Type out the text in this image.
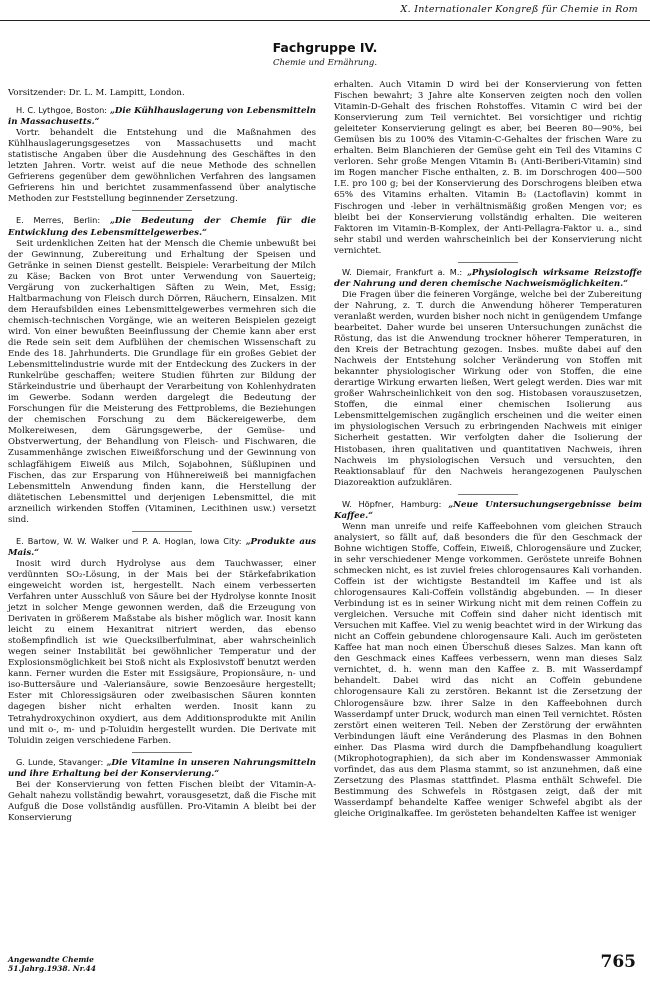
X. Internationaler Kongreß für Chemie in Rom
Fachgruppe IV.
Chemie und Ernährung.

Vorsitzender: Dr. L. M. Lampitt, London.

H. C. Lythgoe, Boston: „Die Kühlhauslagerung von Lebensmitteln in Massachusetts.“

Vortr. behandelt die Entstehung und die Maßnahmen des Kühlhauslagerungsgesetzes von Massachusetts und macht statistische Angaben über die Ausdehnung des Geschäftes in den letzten Jahren. Vortr. weist auf die neue Methode des schnellen Gefrierens gegenüber dem gewöhnlichen Verfahren des langsamen Gefrierens hin und berichtet zusammenfassend über analytische Methoden zur Feststellung beginnender Zersetzung.

E. Merres, Berlin: „Die Bedeutung der Chemie für die Entwicklung des Lebensmittelgewerbes.“

Seit urdenklichen Zeiten hat der Mensch die Chemie unbewußt bei der Gewinnung, Zubereitung und Erhaltung der Speisen und Getränke in seinen Dienst gestellt. Beispiele: Verarbeitung der Milch zu Käse; Backen von Brot unter Verwendung von Sauerteig; Vergärung von zuckerhaltigen Säften zu Wein, Met, Essig; Haltbarmachung von Fleisch durch Dörren, Räuchern, Einsalzen. Mit dem Heraufsbilden eines Lebensmittelgewerbes vermehren sich die chemisch-technischen Vorgänge, wie an weiteren Beispielen gezeigt wird. Von einer bewußten Beeinflussung der Chemie kann aber erst die Rede sein seit dem Aufblühen der chemischen Wissenschaft zu Ende des 18. Jahrhunderts. Die Grundlage für ein großes Gebiet der Lebensmittelindustrie wurde mit der Entdeckung des Zuckers in der Runkelrübe geschaffen; weitere Studien führten zur Bildung der Stärkeindustrie und überhaupt der Verarbeitung von Kohlenhydraten im Gewerbe. Sodann werden dargelegt die Bedeutung der Forschungen für die Meisterung des Fettproblems, die Beziehungen der chemischen Forschung zu dem Bäckereigewerbe, dem Molkereiwesen, dem Gärungsgewerbe, der Gemüse- und Obstverwertung, der Behandlung von Fleisch- und Fischwaren, die Zusammenhänge zwischen Eiweißforschung und der Gewinnung von schlagfähigem Eiweiß aus Milch, Sojabohnen, Süßlupinen und Fischen, das zur Ersparung von Hühnereiweiß bei mannigfachen Lebensmitteln Anwendung finden kann, die Herstellung der diätetischen Lebensmittel und derjenigen Lebensmittel, die mit arzneilich wirkenden Stoffen (Vitaminen, Lecithinen usw.) versetzt sind.

E. Bartow, W. W. Walker und P. A. Hoglan, Iowa City: „Produkte aus Mais.“

Inosit wird durch Hydrolyse aus dem Tauchwasser, einer verdünnten SO₂-Lösung, in der Mais bei der Stärkefabrikation eingeweicht worden ist, hergestellt. Nach einem verbesserten Verfahren unter Ausschluß von Säure bei der Hydrolyse konnte Inosit jetzt in solcher Menge gewonnen werden, daß die Erzeugung von Derivaten in größerem Maßstabe als bisher möglich war. Inosit kann leicht zu einem Hexanitrat nitriert werden, das ebenso stoßempfindlich ist wie Quecksilberfulminat, aber wahrscheinlich wegen seiner Instabilität bei gewöhnlicher Temperatur und der Explosionsmöglichkeit bei Stoß nicht als Explosivstoff benutzt werden kann. Ferner wurden die Ester mit Essigsäure, Propionsäure, n- und iso-Buttersäure und -Valeriansäure, sowie Benzoesäure hergestellt; Ester mit Chloressigsäuren oder zweibasischen Säuren konnten dagegen bisher nicht erhalten werden. Inosit kann zu Tetrahydroxychinon oxydiert, aus dem Additionsprodukte mit Anilin und mit o-, m- und p-Toluidin hergestellt wurden. Die Derivate mit Toluidin zeigen verschiedene Farben.

G. Lunde, Stavanger: „Die Vitamine in unseren Nahrungsmitteln und ihre Erhaltung bei der Konservierung.“

Bei der Konservierung von fetten Fischen bleibt der Vitamin-A-Gehalt nahezu vollständig bewahrt, vorausgesetzt, daß die Fische mit Aufguß die Dose vollständig ausfüllen. Pro-Vitamin A bleibt bei der Konservierung

erhalten. Auch Vitamin D wird bei der Konservierung von fetten Fischen bewahrt; 3 Jahre alte Konserven zeigten noch den vollen Vitamin-D-Gehalt des frischen Rohstoffes. Vitamin C wird bei der Konservierung zum Teil vernichtet. Bei vorsichtiger und richtig geleiteter Konservierung gelingt es aber, bei Beeren 80—90%, bei Gemüsen bis zu 100% des Vitamin-C-Gehaltes der frischen Ware zu erhalten. Beim Blanchieren der Gemüse geht ein Teil des Vitamins C verloren. Sehr große Mengen Vitamin B₁ (Anti-Beriberi-Vitamin) sind im Rogen mancher Fische enthalten, z. B. im Dorschrogen 400—500 I.E. pro 100 g; bei der Konservierung des Dorschrogens bleiben etwa 65% des Vitamins erhalten. Vitamin B₂ (Lactoflavin) kommt in Fischrogen und -leber in verhältnismäßig großen Mengen vor; es bleibt bei der Konservierung vollständig erhalten. Die weiteren Faktoren im Vitamin-B-Komplex, der Anti-Pellagra-Faktor u. a., sind sehr stabil und werden wahrscheinlich bei der Konservierung nicht vernichtet.

W. Diemair, Frankfurt a. M.: „Physiologisch wirksame Reizstoffe der Nahrung und deren chemische Nachweismöglichkeiten.“

Die Fragen über die feineren Vorgänge, welche bei der Zubereitung der Nahrung, z. T. durch die Anwendung höherer Temperaturen veranlaßt werden, wurden bisher noch nicht in genügendem Umfange bearbeitet. Daher wurde bei unseren Untersuchungen zunächst die Röstung, das ist die Anwendung trockner höherer Temperaturen, in den Kreis der Betrachtung gezogen. Insbes. mußte dabei auf den Nachweis der Entstehung solcher Veränderung von Stoffen mit bekannter physiologischer Wirkung oder von Stoffen, die eine derartige Wirkung erwarten ließen, Wert gelegt werden. Dies war mit großer Wahrscheinlichkeit von den sog. Histobasen vorauszusetzen, Stoffen, die einmal einer chemischen Isolierung aus Lebensmittelgemischen zugänglich erscheinen und die weiter einen im physiologischen Versuch zu erbringenden Nachweis mit einiger Sicherheit gestatten. Wir verfolgten daher die Isolierung der Histobasen, ihren qualitativen und quantitativen Nachweis, ihren Nachweis im physiologischen Versuch und versuchten, den Reaktionsablauf für den Nachweis herangezogenen Paulyschen Diazoreaktion aufzuklären.

W. Höpfner, Hamburg: „Neue Untersuchungsergebnisse beim Kaffee.“

Wenn man unreife und reife Kaffeebohnen vom gleichen Strauch analysiert, so fällt auf, daß besonders die für den Geschmack der Bohne wichtigen Stoffe, Coffein, Eiweiß, Chlorogensäure und Zucker, in sehr verschiedener Menge vorkommen. Geröstete unreife Bohnen schmecken nicht, es ist zuviel freies chlorogensaures Kali vorhanden. Coffein ist der wichtigste Bestandteil im Kaffee und ist als chlorogensaures Kali-Coffein vollständig abgebunden. — In dieser Verbindung ist es in seiner Wirkung nicht mit dem reinen Coffein zu vergleichen. Versuche mit Coffein sind daher nicht identisch mit Versuchen mit Kaffee. Viel zu wenig beachtet wird in der Wirkung das nicht an Coffein gebundene chlorogensaure Kali. Auch im gerösteten Kaffee hat man noch einen Überschuß dieses Salzes. Man kann oft den Geschmack eines Kaffees verbessern, wenn man dieses Salz vernichtet, d. h. wenn man den Kaffee z. B. mit Wasserdampf behandelt. Dabei wird das nicht an Coffein gebundene chlorogensaure Kali zu zerstören. Bekannt ist die Zersetzung der Chlorogensäure bzw. ihrer Salze in den Kaffeebohnen durch Wasserdampf unter Druck, wodurch man einen Teil vernichtet. Rösten zerstört einen weiteren Teil. Neben der Zerstörung der erwähnten Verbindungen läuft eine Veränderung des Plasmas in den Bohnen einher. Das Plasma wird durch die Dampfbehandlung koaguliert (Mikrophotographien), da sich aber im Kondenswasser Ammoniak vorfindet, das aus dem Plasma stammt, so ist anzunehmen, daß eine Zersetzung des Plasmas stattfindet. Plasma enthält Schwefel. Die Bestimmung des Schwefels in Röstgasen zeigt, daß der mit Wasserdampf behandelte Kaffee weniger Schwefel abgibt als der gleiche Originalkaffee. Im gerösteten behandelten Kaffee ist weniger

Angewandte Chemie
51.Jahrg.1938. Nr.44	765
